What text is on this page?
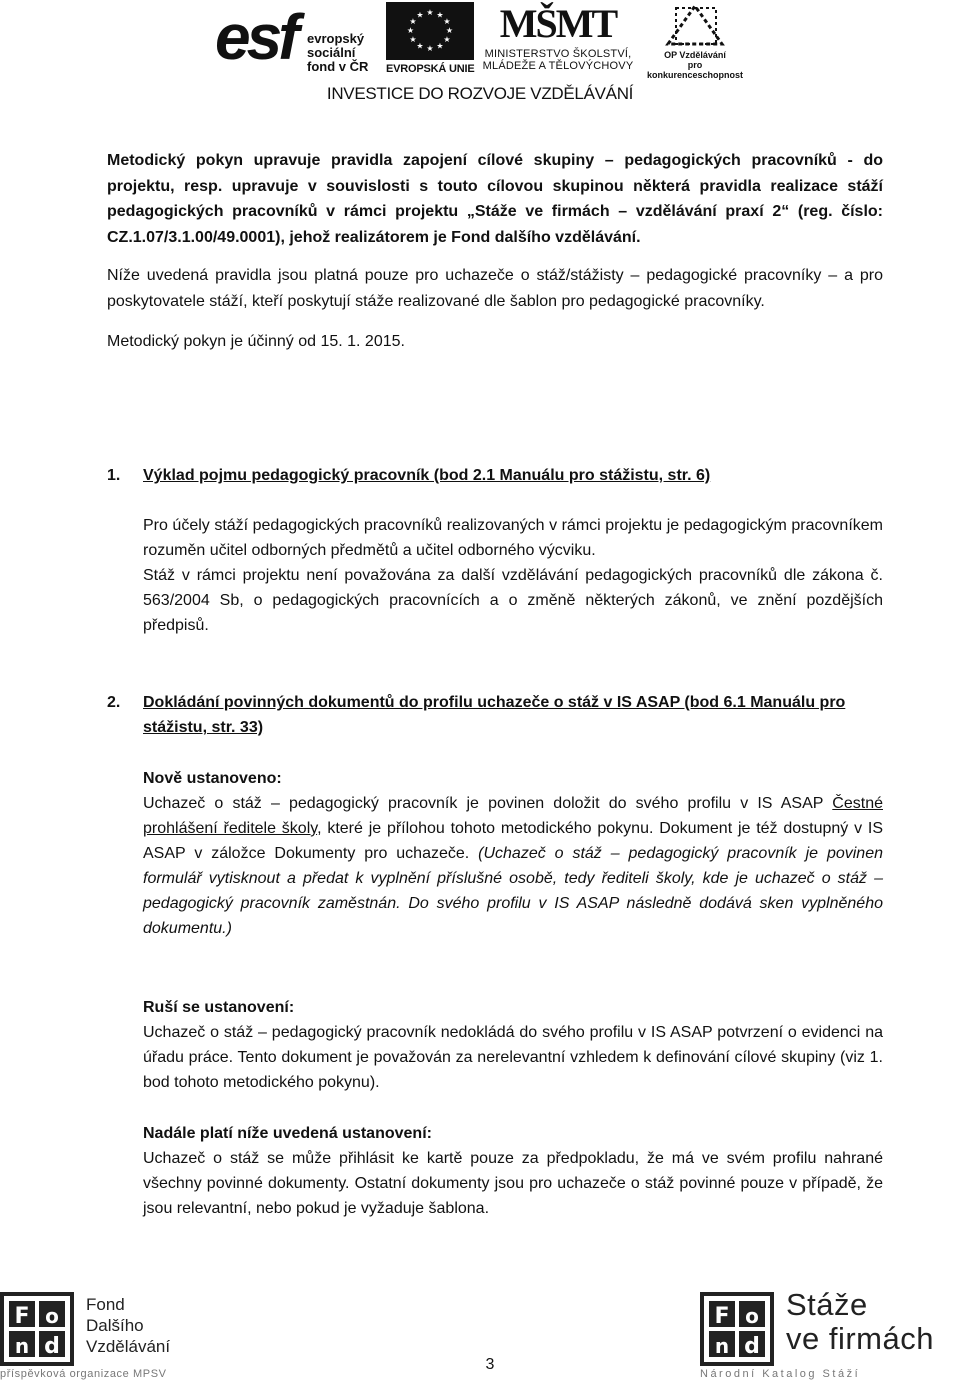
esf evropský
sociální
fond v ČR
★ ★
★
★
★
★
★
★
★
★
★
★
EVROPSKÁ UNIE
MŠMT
MINISTERSTVO ŠKOLSTVÍ,
MLÁDEŽE A TĚLOVÝCHOVY
OP Vzdělávání
pro konkurenceschopnost
INVESTICE DO ROZVOJE VZDĚLÁVÁNÍ

Metodický pokyn upravuje pravidla zapojení cílové skupiny – pedagogických pracovníků - do projektu, resp. upravuje v souvislosti s touto cílovou skupinou některá pravidla realizace stáží pedagogických pracovníků v rámci projektu „Stáže ve firmách – vzdělávání praxí 2“ (reg. číslo: CZ.1.07/3.1.00/49.0001), jehož realizátorem je Fond dalšího vzdělávání.

Níže uvedená pravidla jsou platná pouze pro uchazeče o stáž/stážisty – pedagogické pracovníky – a pro poskytovatele stáží, kteří poskytují stáže realizované dle šablon pro pedagogické pracovníky.

Metodický pokyn je účinný od 15. 1. 2015.

1. Výklad pojmu pedagogický pracovník (bod 2.1 Manuálu pro stážistu, str. 6)

Pro účely stáží pedagogických pracovníků realizovaných v rámci projektu je pedagogickým pracovníkem rozuměn učitel odborných předmětů a učitel odborného výcviku.

Stáž v rámci projektu není považována za další vzdělávání pedagogických pracovníků dle zákona č. 563/2004 Sb, o pedagogických pracovnících a o změně některých zákonů, ve znění pozdějších předpisů.

2.	Dokládání povinných dokumentů do profilu uchazeče o stáž v IS ASAP (bod 6.1 Manuálu pro stážistu, str. 33)
Nově ustanoveno:

Uchazeč o stáž – pedagogický pracovník je povinen doložit do svého profilu v IS ASAP Čestné prohlášení ředitele školy, které je přílohou tohoto metodického pokynu. Dokument je též dostupný v IS ASAP v záložce Dokumenty pro uchazeče. (Uchazeč o stáž – pedagogický pracovník je povinen formulář vytisknout a předat k vyplnění příslušné osobě, tedy řediteli školy, kde je uchazeč o stáž – pedagogický pracovník zaměstnán. Do svého profilu v IS ASAP následně dodává sken vyplněného dokumentu.)

Ruší se ustanovení:

Uchazeč o stáž – pedagogický pracovník nedokládá do svého profilu v IS ASAP potvrzení o evidenci na úřadu práce. Tento dokument je považován za nerelevantní vzhledem k definování cílové skupiny (viz 1. bod tohoto metodického pokynu).

Nadále platí níže uvedená ustanovení:

Uchazeč o stáž se může přihlásit ke kartě pouze za předpokladu, že má ve svém profilu nahrané všechny povinné dokumenty. Ostatní dokumenty jsou pro uchazeče o stáž povinné pouze v případě, že jsou relevantní, nebo pokud je vyžaduje šablona.

F o
n d
Fond
Dalšího
Vzdělávání
příspěvková organizace MPSV
3
F o
n d
Stáže
ve firmách
Národní Katalog Stáží
